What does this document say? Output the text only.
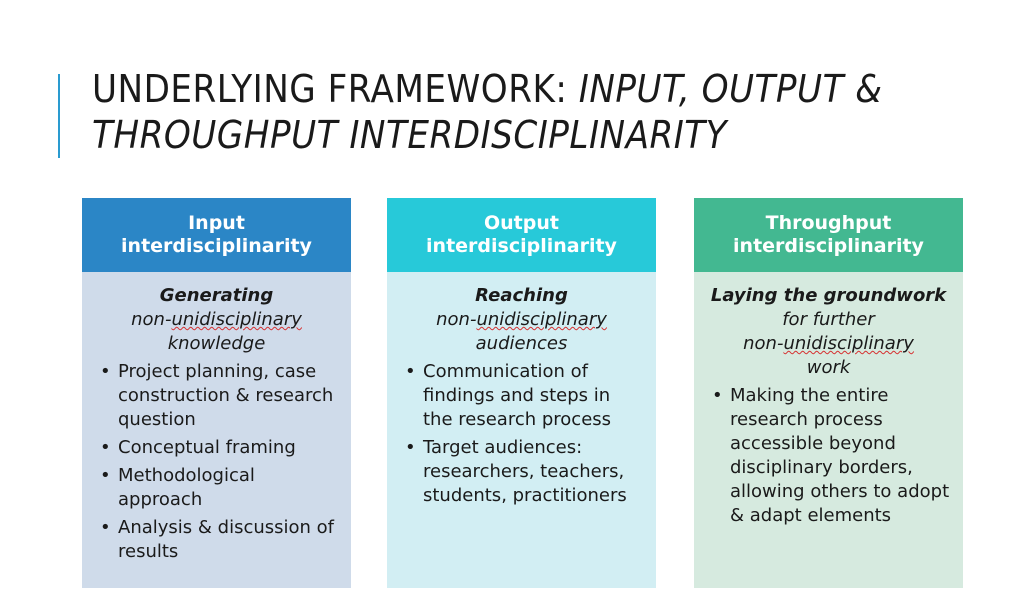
UNDERLYING FRAMEWORK: INPUT, OUTPUT &
THROUGHPUT INTERDISCIPLINARITY
Input
interdisciplinarity
Generating
non-unidisciplinary
knowledge
• Project planning, case construction & research question
• Conceptual framing
• Methodological approach
• Analysis & discussion of results
Output
interdisciplinarity
Reaching
non-unidisciplinary
audiences
• Communication of findings and steps in the research process
• Target audiences: researchers, teachers, students, practitioners
Throughput
interdisciplinarity
Laying the groundwork
for further
non-unidisciplinary
work
• Making the entire research process accessible beyond disciplinary borders, allowing others to adopt & adapt elements
